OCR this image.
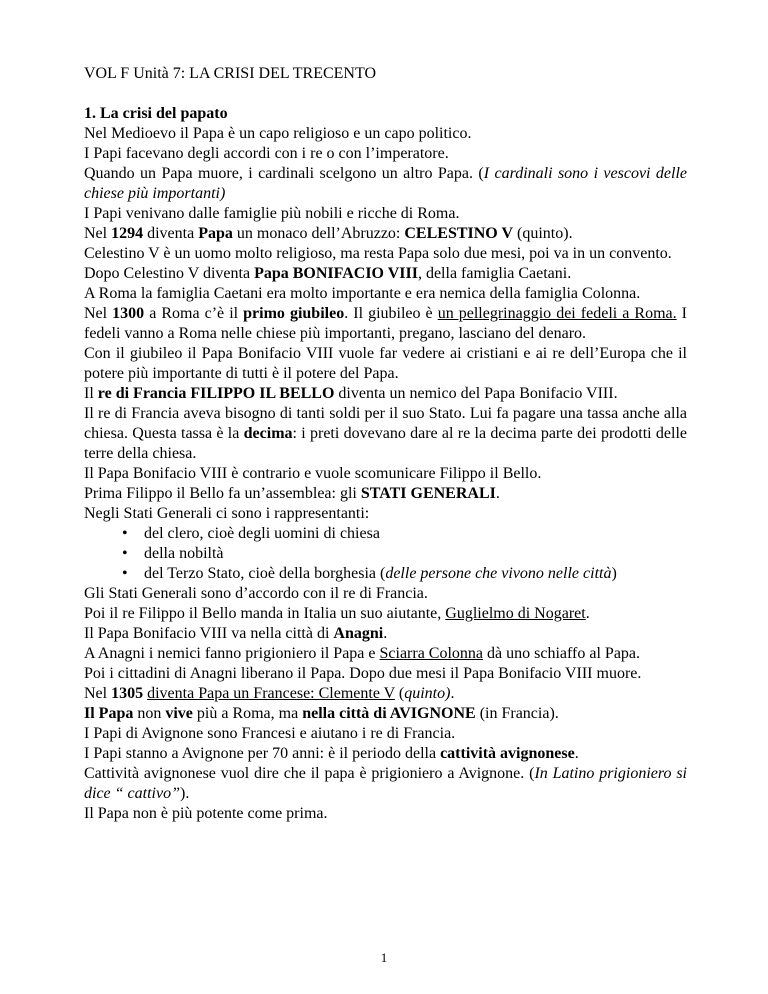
VOL F Unità 7: LA CRISI DEL TRECENTO

1. La crisi del papato

Nel Medioevo il Papa è un capo religioso e un capo politico.

I Papi facevano degli accordi con i re o con l’imperatore.

Quando un Papa muore, i cardinali scelgono un altro Papa. (I cardinali sono i vescovi delle chiese più importanti)

I Papi venivano dalle famiglie più nobili e ricche di Roma.

Nel 1294 diventa Papa un monaco dell’Abruzzo: CELESTINO V (quinto).

Celestino V è un uomo molto religioso, ma resta Papa solo due mesi, poi va in un convento.

Dopo Celestino V diventa Papa BONIFACIO VIII, della famiglia Caetani.

A Roma la famiglia Caetani era molto importante e era nemica della famiglia Colonna.

Nel 1300 a Roma c’è il primo giubileo. Il giubileo è un pellegrinaggio dei fedeli a Roma. I fedeli vanno a Roma nelle chiese più importanti, pregano, lasciano del denaro.

Con il giubileo il Papa Bonifacio VIII vuole far vedere ai cristiani e ai re dell’Europa che il potere più importante di tutti è il potere del Papa.

Il re di Francia FILIPPO IL BELLO diventa un nemico del Papa Bonifacio VIII.

Il re di Francia aveva bisogno di tanti soldi per il suo Stato. Lui fa pagare una tassa anche alla chiesa. Questa tassa è la decima: i preti dovevano dare al re la decima parte dei prodotti delle terre della chiesa.

Il Papa Bonifacio VIII è contrario e vuole scomunicare Filippo il Bello.

Prima Filippo il Bello fa un’assemblea: gli STATI GENERALI.

Negli Stati Generali ci sono i rappresentanti:

• del clero, cioè degli uomini di chiesa
• della nobiltà
• del Terzo Stato, cioè della borghesia (delle persone che vivono nelle città)

Gli Stati Generali sono d’accordo con il re di Francia.

Poi il re Filippo il Bello manda in Italia un suo aiutante, Guglielmo di Nogaret.

Il Papa Bonifacio VIII va nella città di Anagni.

A Anagni i nemici fanno prigioniero il Papa e Sciarra Colonna dà uno schiaffo al Papa.

Poi i cittadini di Anagni liberano il Papa. Dopo due mesi il Papa Bonifacio VIII muore.

Nel 1305 diventa Papa un Francese: Clemente V (quinto).

Il Papa non vive più a Roma, ma nella città di AVIGNONE (in Francia).

I Papi di Avignone sono Francesi e aiutano i re di Francia.

I Papi stanno a Avignone per 70 anni: è il periodo della cattività avignonese.

Cattività avignonese vuol dire che il papa è prigioniero a Avignone. (In Latino prigioniero si dice “ cattivo”).

Il Papa non è più potente come prima.

1
